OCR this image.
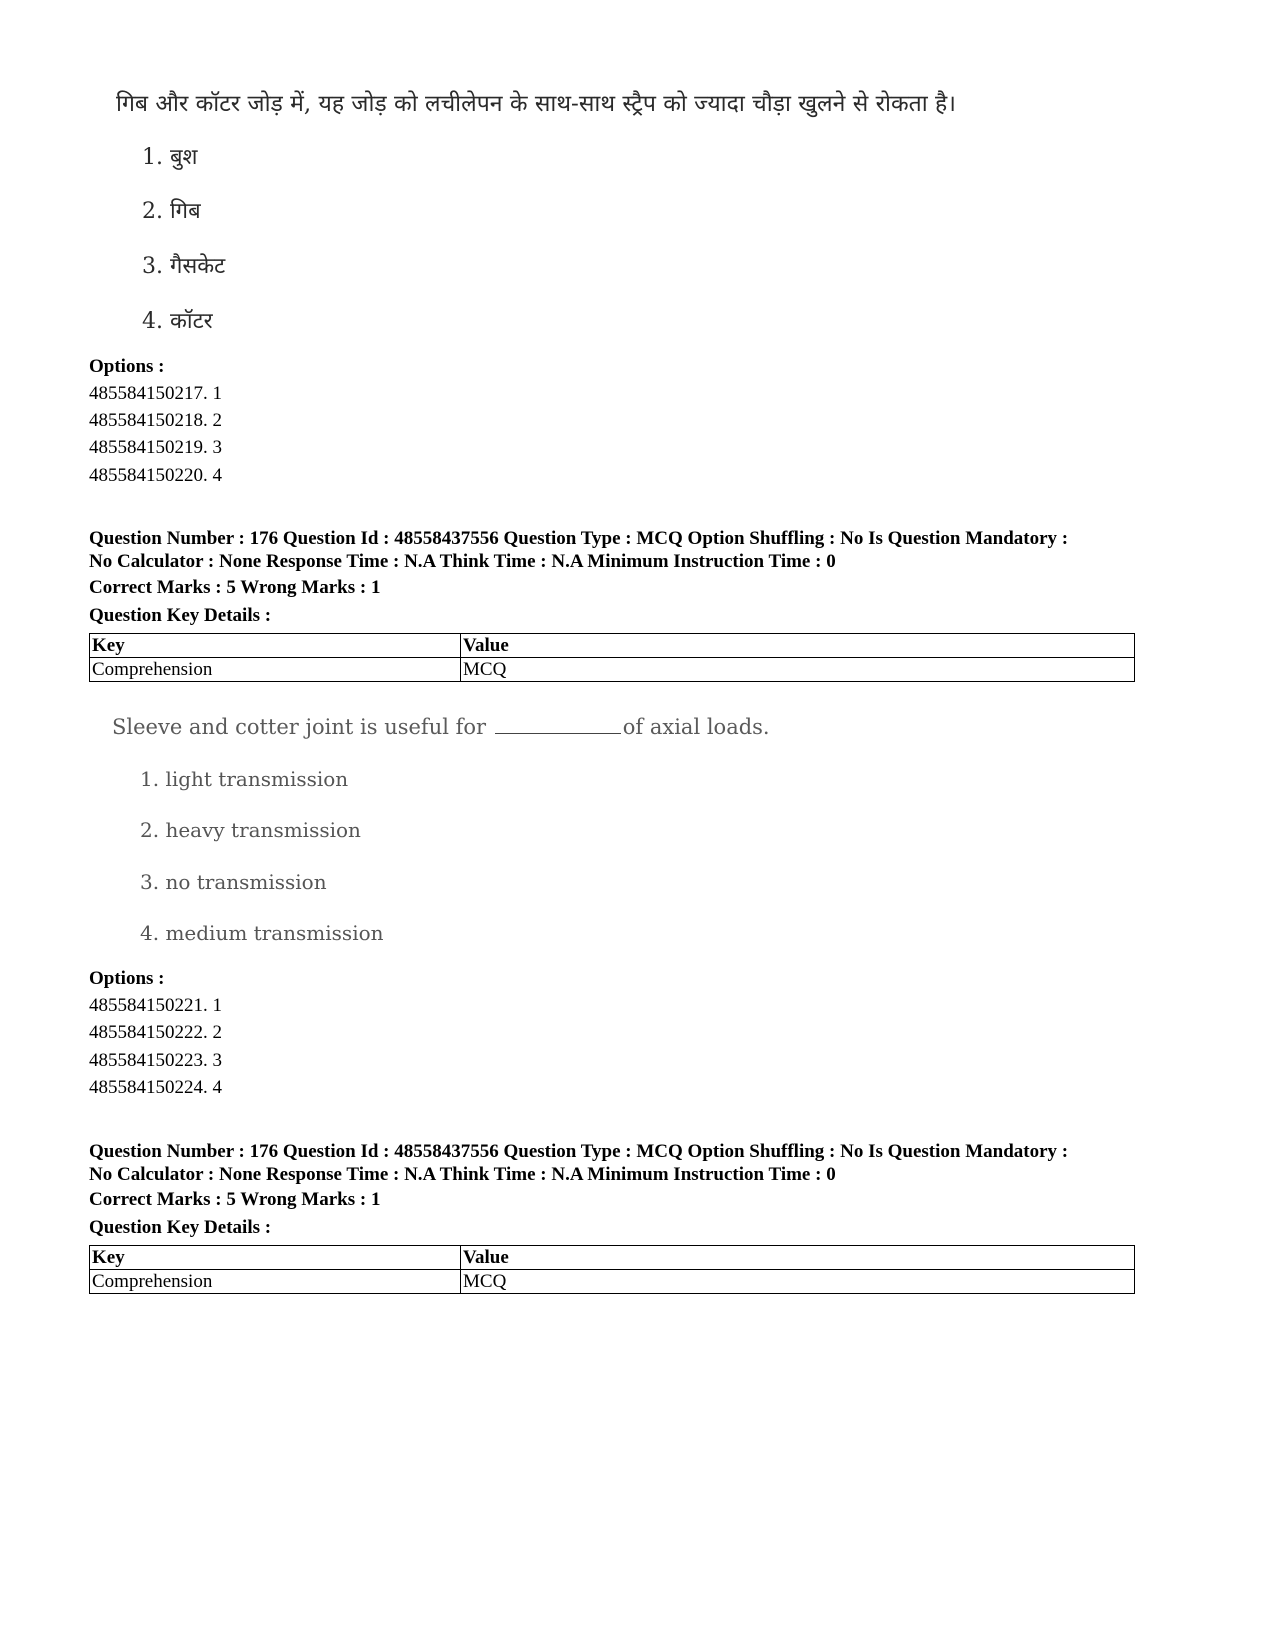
गिब और कॉटर जोड़ में, यह जोड़ को लचीलेपन के साथ-साथ स्ट्रैप को ज्यादा चौड़ा खुलने से रोकता है।
1. बुश
2. गिब
3. गैसकेट
4. कॉटर
Options :
485584150217. 1
485584150218. 2
485584150219. 3
485584150220. 4
Question Number : 176 Question Id : 48558437556 Question Type : MCQ Option Shuffling : No Is Question Mandatory :
No Calculator : None Response Time : N.A Think Time : N.A Minimum Instruction Time : 0
Correct Marks : 5 Wrong Marks : 1
Question Key Details :
Key	Value
Comprehension	MCQ
Sleeve and cotter joint is useful for	of axial loads.
1. light transmission
2. heavy transmission
3. no transmission
4. medium transmission
Options :
485584150221. 1
485584150222. 2
485584150223. 3
485584150224. 4
Question Number : 176 Question Id : 48558437556 Question Type : MCQ Option Shuffling : No Is Question Mandatory :
No Calculator : None Response Time : N.A Think Time : N.A Minimum Instruction Time : 0
Correct Marks : 5 Wrong Marks : 1
Question Key Details :
Key	Value
Comprehension	MCQ
